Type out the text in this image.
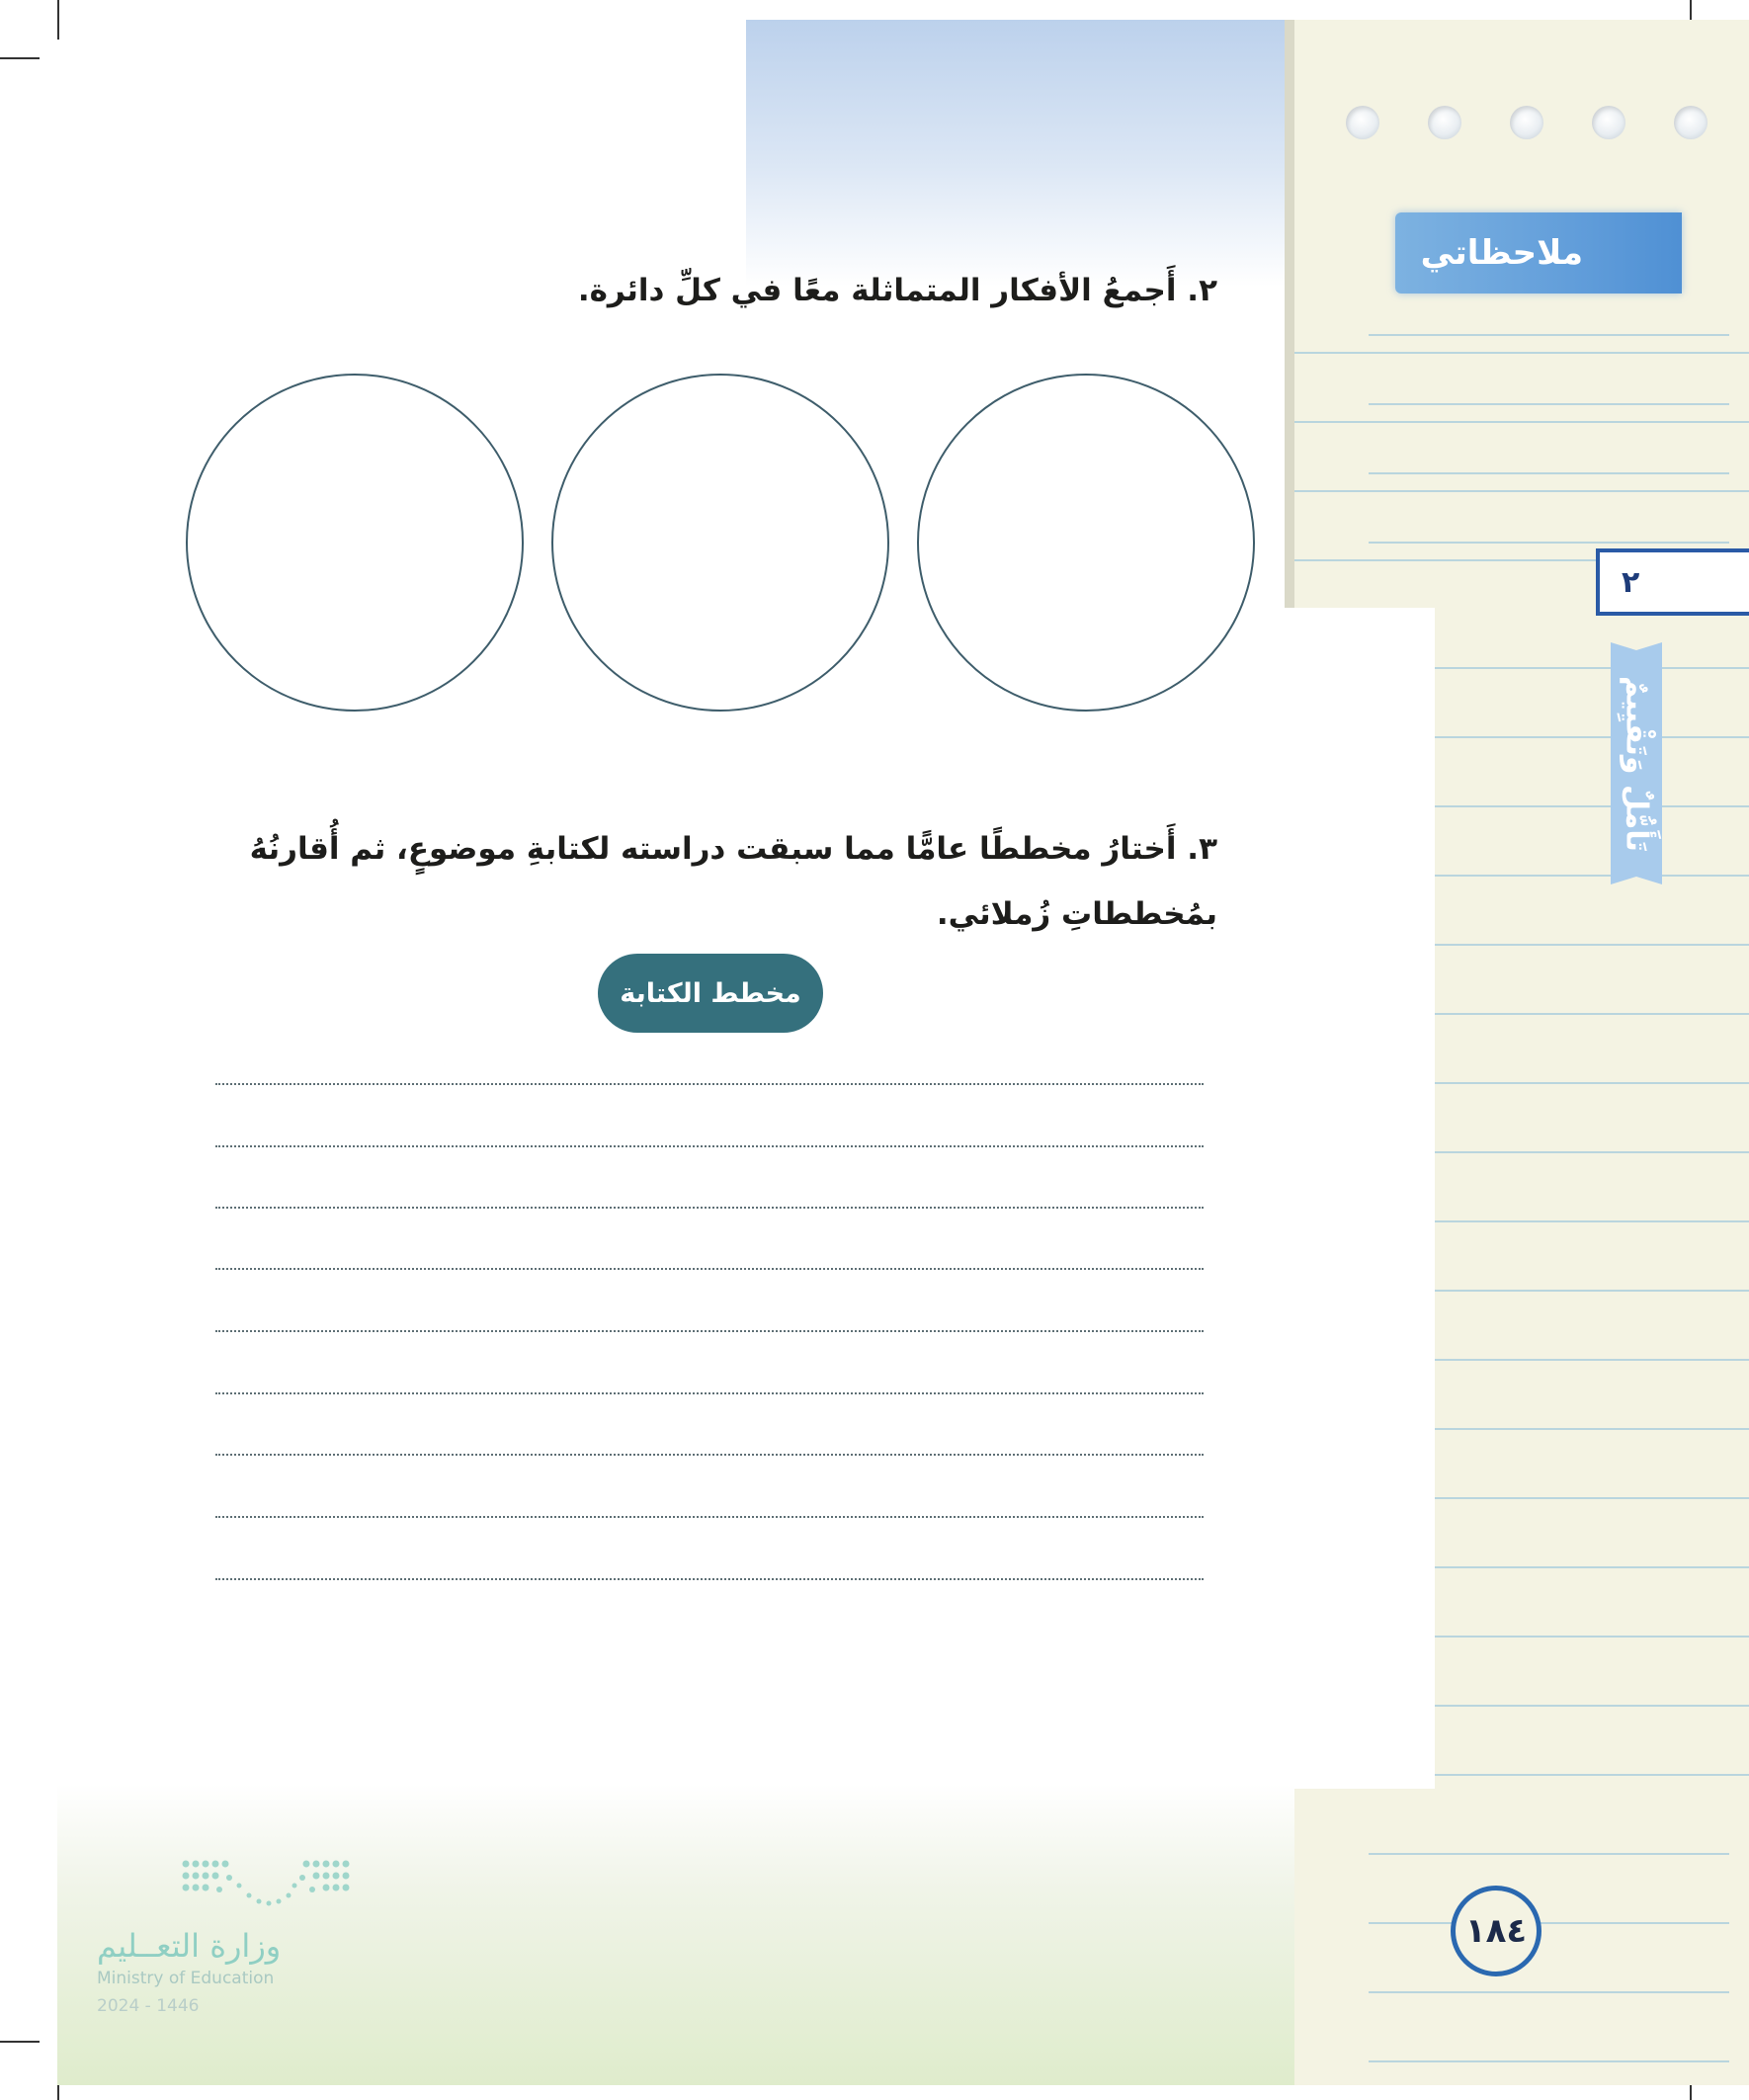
ملاحظاتي
٢
تَأَمُّلٌ وَتَقْيِيمٌ
١٨٤
٢. أَجمعُ الأفكار المتماثلة معًا في كلِّ دائرة.
٣. أَختارُ مخططًا عامًّا مما سبقت دراسته لكتابةِ موضوعٍ، ثم أُقارنُهُ بمُخططاتِ زُملائي.
مخطط الكتابة
وزارة التعــليم
Ministry of Education
2024 - 1446
